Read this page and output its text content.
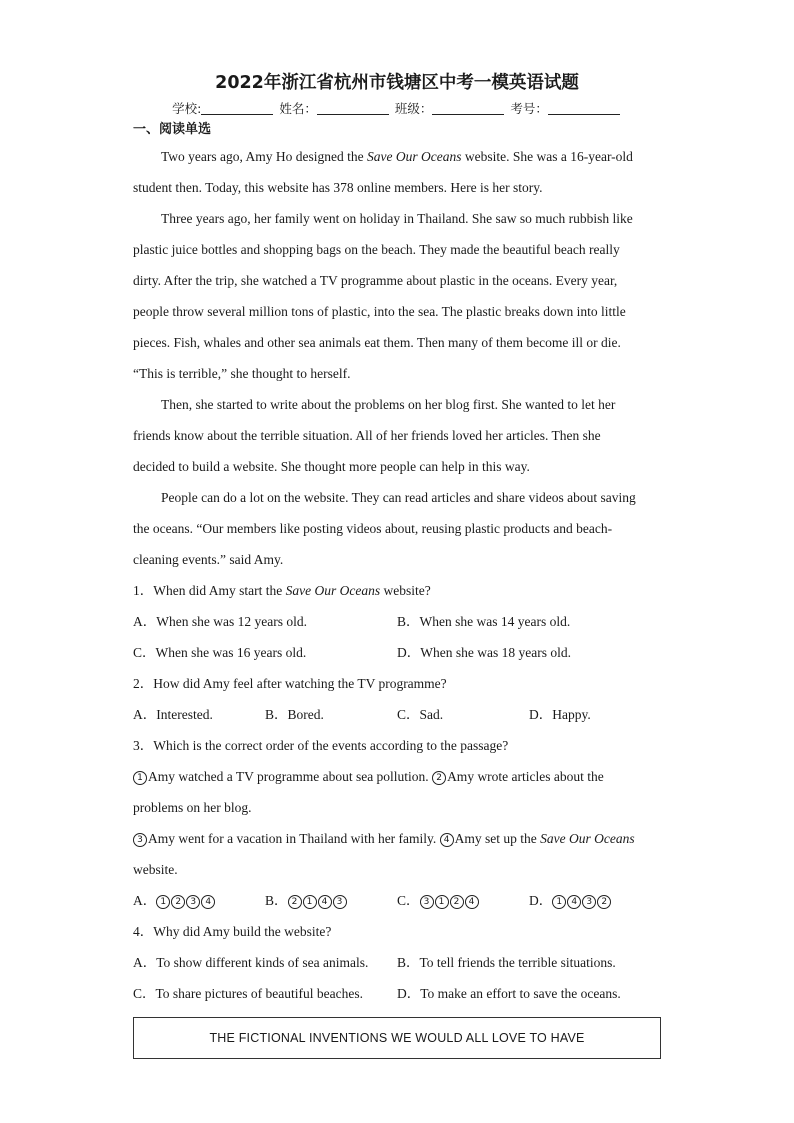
2022年浙江省杭州市钱塘区中考一模英语试题
学校:	姓名：	班级：	考号：
一、阅读单选
Two years ago, Amy Ho designed the Save Our Oceans website. She was a 16-year-old
student then. Today, this website has 378 online members. Here is her story.
Three years ago, her family went on holiday in Thailand. She saw so much rubbish like
plastic juice bottles and shopping bags on the beach. They made the beautiful beach really
dirty. After the trip, she watched a TV programme about plastic in the oceans. Every year,
people throw several million tons of plastic, into the sea. The plastic breaks down into little
pieces. Fish, whales and other sea animals eat them. Then many of them become ill or die.
“This is terrible,” she thought to herself.
Then, she started to write about the problems on her blog first. She wanted to let her
friends know about the terrible situation. All of her friends loved her articles. Then she
decided to build a website. She thought more people can help in this way.
People can do a lot on the website. They can read articles and share videos about saving
the oceans. “Our members like posting videos about, reusing plastic products and beach-
cleaning events.” said Amy.
1．When did Amy start the Save Our Oceans website?
A．When she was 12 years old.	B．When she was 14 years old.
C．When she was 16 years old.	D．When she was 18 years old.
2．How did Amy feel after watching the TV programme?
A．Interested.	B．Bored.	C．Sad.	D．Happy.
3．Which is the correct order of the events according to the passage?
1 Amy watched a TV programme about sea pollution. 2 Amy wrote articles about the
problems on her blog.
3 Amy went for a vacation in Thailand with her family. 4 Amy set up the Save Our Oceans
website.
A． 1 2 3 4	B． 2 1 4 3	C． 3 1 2 4	D． 1 4 3 2
4．Why did Amy build the website?
A．To show different kinds of sea animals.	B．To tell friends the terrible situations.
C．To share pictures of beautiful beaches.	D．To make an effort to save the oceans.
THE FICTIONAL INVENTIONS WE WOULD ALL LOVE TO HAVE
